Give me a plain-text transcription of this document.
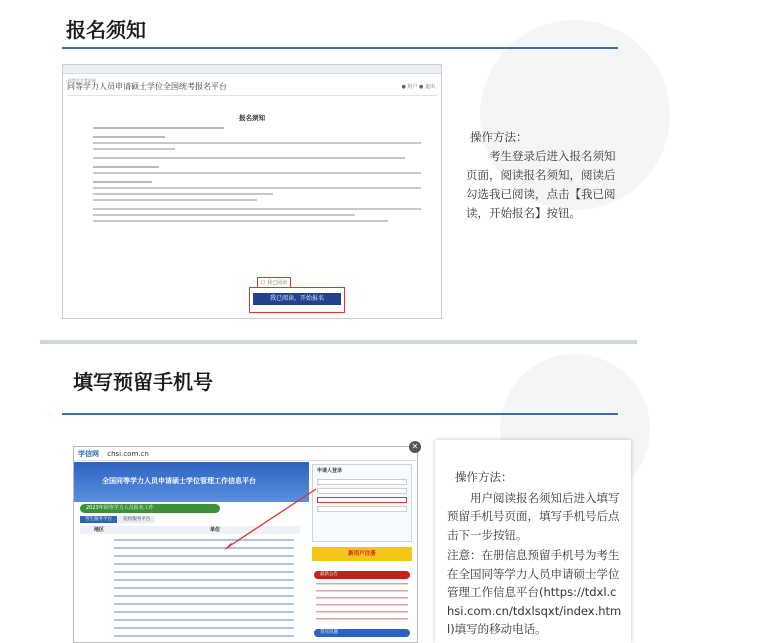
报名须知
›同等学力考试网
同等学力人员申请硕士学位全国统考报名平台	● 用户 ● 退出
报名须知
☐ 我已阅读
我已阅读，开始报名

操作方法：

考生登录后进入报名须知页面，阅读报名须知，阅读后勾选我已阅读，点击【我已阅读，开始报名】按钮。

填写预留手机号
学信网 chsi.com.cn
✕
全国同等学力人员申请硕士学位管理工作信息平台
2023年同等学力人员报名工作
考生服务平台	院校服务平台
地区	单位
申请人登录
新用户注册
最新公告
常见问题

操作方法：

用户阅读报名须知后进入填写预留手机号页面，填写手机号后点击下一步按钮。

注意：在册信息预留手机号为考生在全国同等学力人员申请硕士学位管理工作信息平台(https://tdxl.chsi.com.cn/tdxlsqxt/index.html)填写的移动电话。
